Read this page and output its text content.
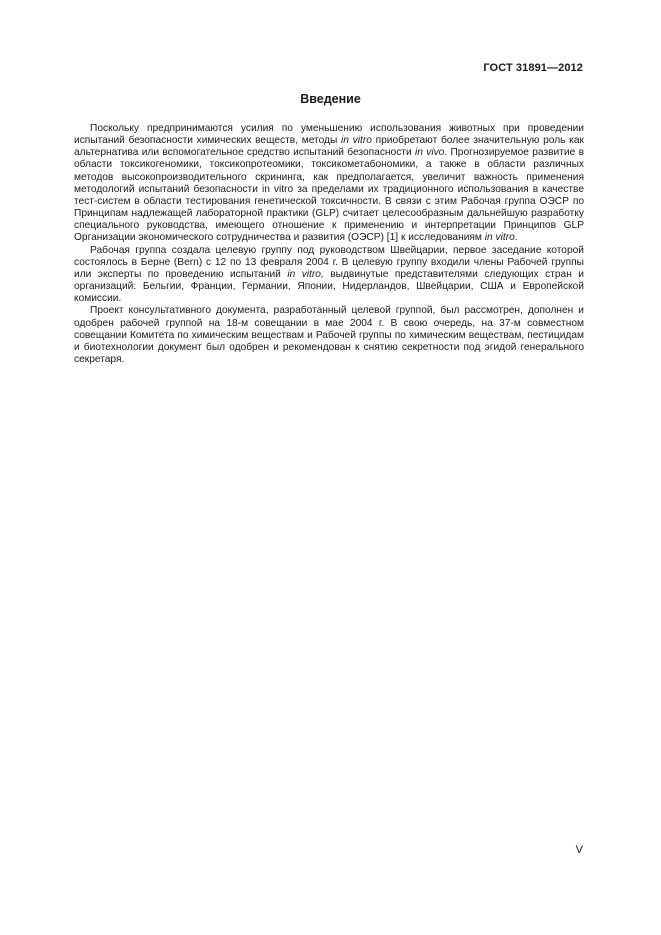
ГОСТ 31891—2012
Введение

Поскольку предпринимаются усилия по уменьшению использования животных при проведении испытаний безопасности химических веществ, методы in vitro приобретают более значительную роль как альтернатива или вспомогательное средство испытаний безопасности in vivo. Прогнозируемое развитие в области токсикогеномики, токсикопротеомики, токсикометабономики, а также в области различных методов высокопроизводительного скрининга, как предполагается, увеличит важность применения методологий испытаний безопасности in vitro за пределами их традиционного использования в качестве тест-систем в области тестирования генетической токсичности. В связи с этим Рабочая группа ОЭСР по Принципам надлежащей лабораторной практики (GLP) считает целесообразным дальнейшую разработку специального руководства, имеющего отношение к применению и интерпретации Принципов GLP Организации экономического сотрудничества и развития (ОЭСР) [1] к исследованиям in vitro.

Рабочая группа создала целевую группу под руководством Швейцарии, первое заседание которой состоялось в Берне (Bern) с 12 по 13 февраля 2004 г. В целевую группу входили члены Рабочей группы или эксперты по проведению испытаний in vitro, выдвинутые представителями следующих стран и организаций: Бельгии, Франции, Германии, Японии, Нидерландов, Швейцарии, США и Европейской комиссии.

Проект консультативного документа, разработанный целевой группой, был рассмотрен, дополнен и одобрен рабочей группой на 18-м совещании в мае 2004 г. В свою очередь, на 37-м совместном совещании Комитета по химическим веществам и Рабочей группы по химическим веществам, пестицидам и биотехнологии документ был одобрен и рекомендован к снятию секретности под эгидой генерального секретаря.

V
